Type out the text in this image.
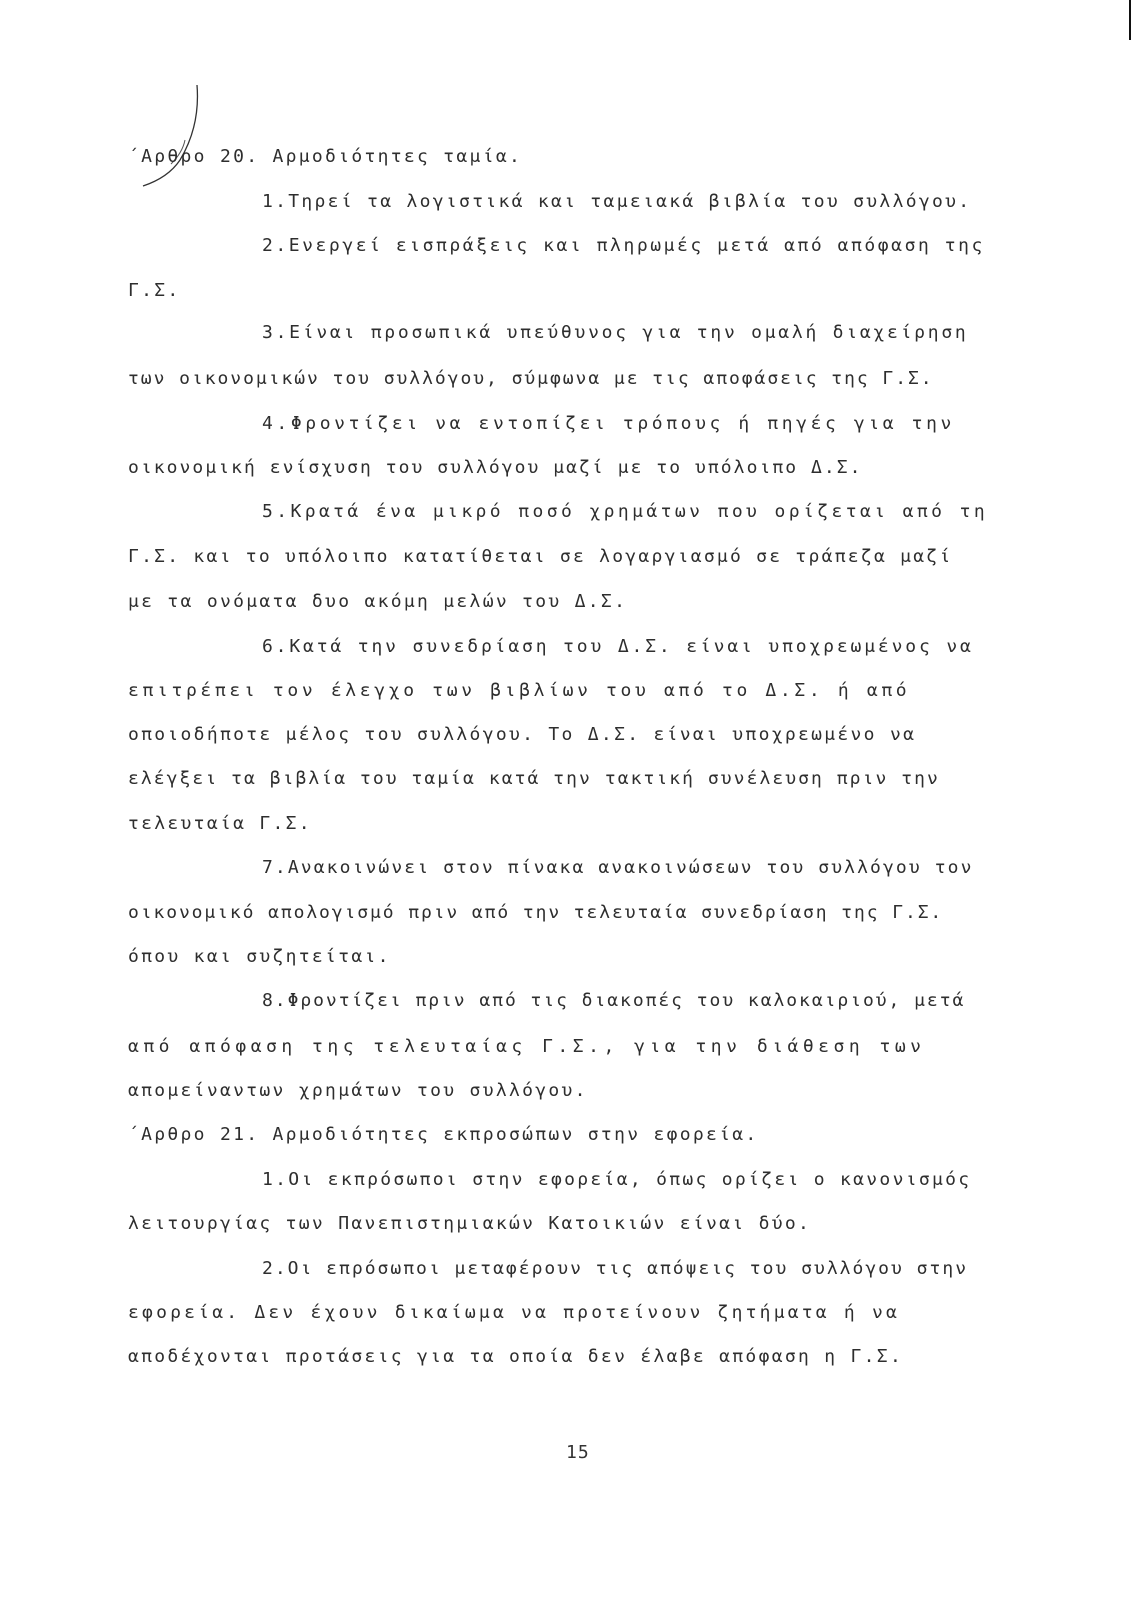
΄Αρθρο 20. Αρμοδιότητες ταμία.

1.Τηρεί τα λογιστικά και ταμειακά βιβλία του συλλόγου.

2.Ενεργεί εισπράξεις και πληρωμές μετά από απόφαση της

Γ.Σ.

3.Είναι προσωπικά υπεύθυνος για την ομαλή διαχείρηση

των οικονομικών του συλλόγου, σύμφωνα με τις αποφάσεις της Γ.Σ.

4.Φροντίζει να εντοπίζει τρόπους ή πηγές για την

οικονομική ενίσχυση του συλλόγου μαζί με το υπόλοιπο Δ.Σ.

5.Κρατά ένα μικρό ποσό χρημάτων που ορίζεται από τη

Γ.Σ. και το υπόλοιπο κατατίθεται σε λογαργιασμό σε τράπεζα μαζί

με τα ονόματα δυο ακόμη μελών του Δ.Σ.

6.Κατά την συνεδρίαση του Δ.Σ. είναι υποχρεωμένος να

επιτρέπει τον έλεγχο των βιβλίων του από το Δ.Σ. ή από

οποιοδήποτε μέλος του συλλόγου. Το Δ.Σ. είναι υποχρεωμένο να

ελέγξει τα βιβλία του ταμία κατά την τακτική συνέλευση πριν την

τελευταία Γ.Σ.

7.Ανακοινώνει στον πίνακα ανακοινώσεων του συλλόγου τον

οικονομικό απολογισμό πριν από την τελευταία συνεδρίαση της Γ.Σ.

όπου και συζητείται.

8.Φροντίζει πριν από τις διακοπές του καλοκαιριού, μετά

από απόφαση της τελευταίας Γ.Σ., για την διάθεση των

απομείναντων χρημάτων του συλλόγου.

΄Αρθρο 21. Αρμοδιότητες εκπροσώπων στην εφορεία.

1.Οι εκπρόσωποι στην εφορεία, όπως ορίζει ο κανονισμός

λειτουργίας των Πανεπιστημιακών Κατοικιών είναι δύο.

2.Οι επρόσωποι μεταφέρουν τις απόψεις του συλλόγου στην

εφορεία. Δεν έχουν δικαίωμα να προτείνουν ζητήματα ή να

αποδέχονται προτάσεις για τα οποία δεν έλαβε απόφαση η Γ.Σ.

15
